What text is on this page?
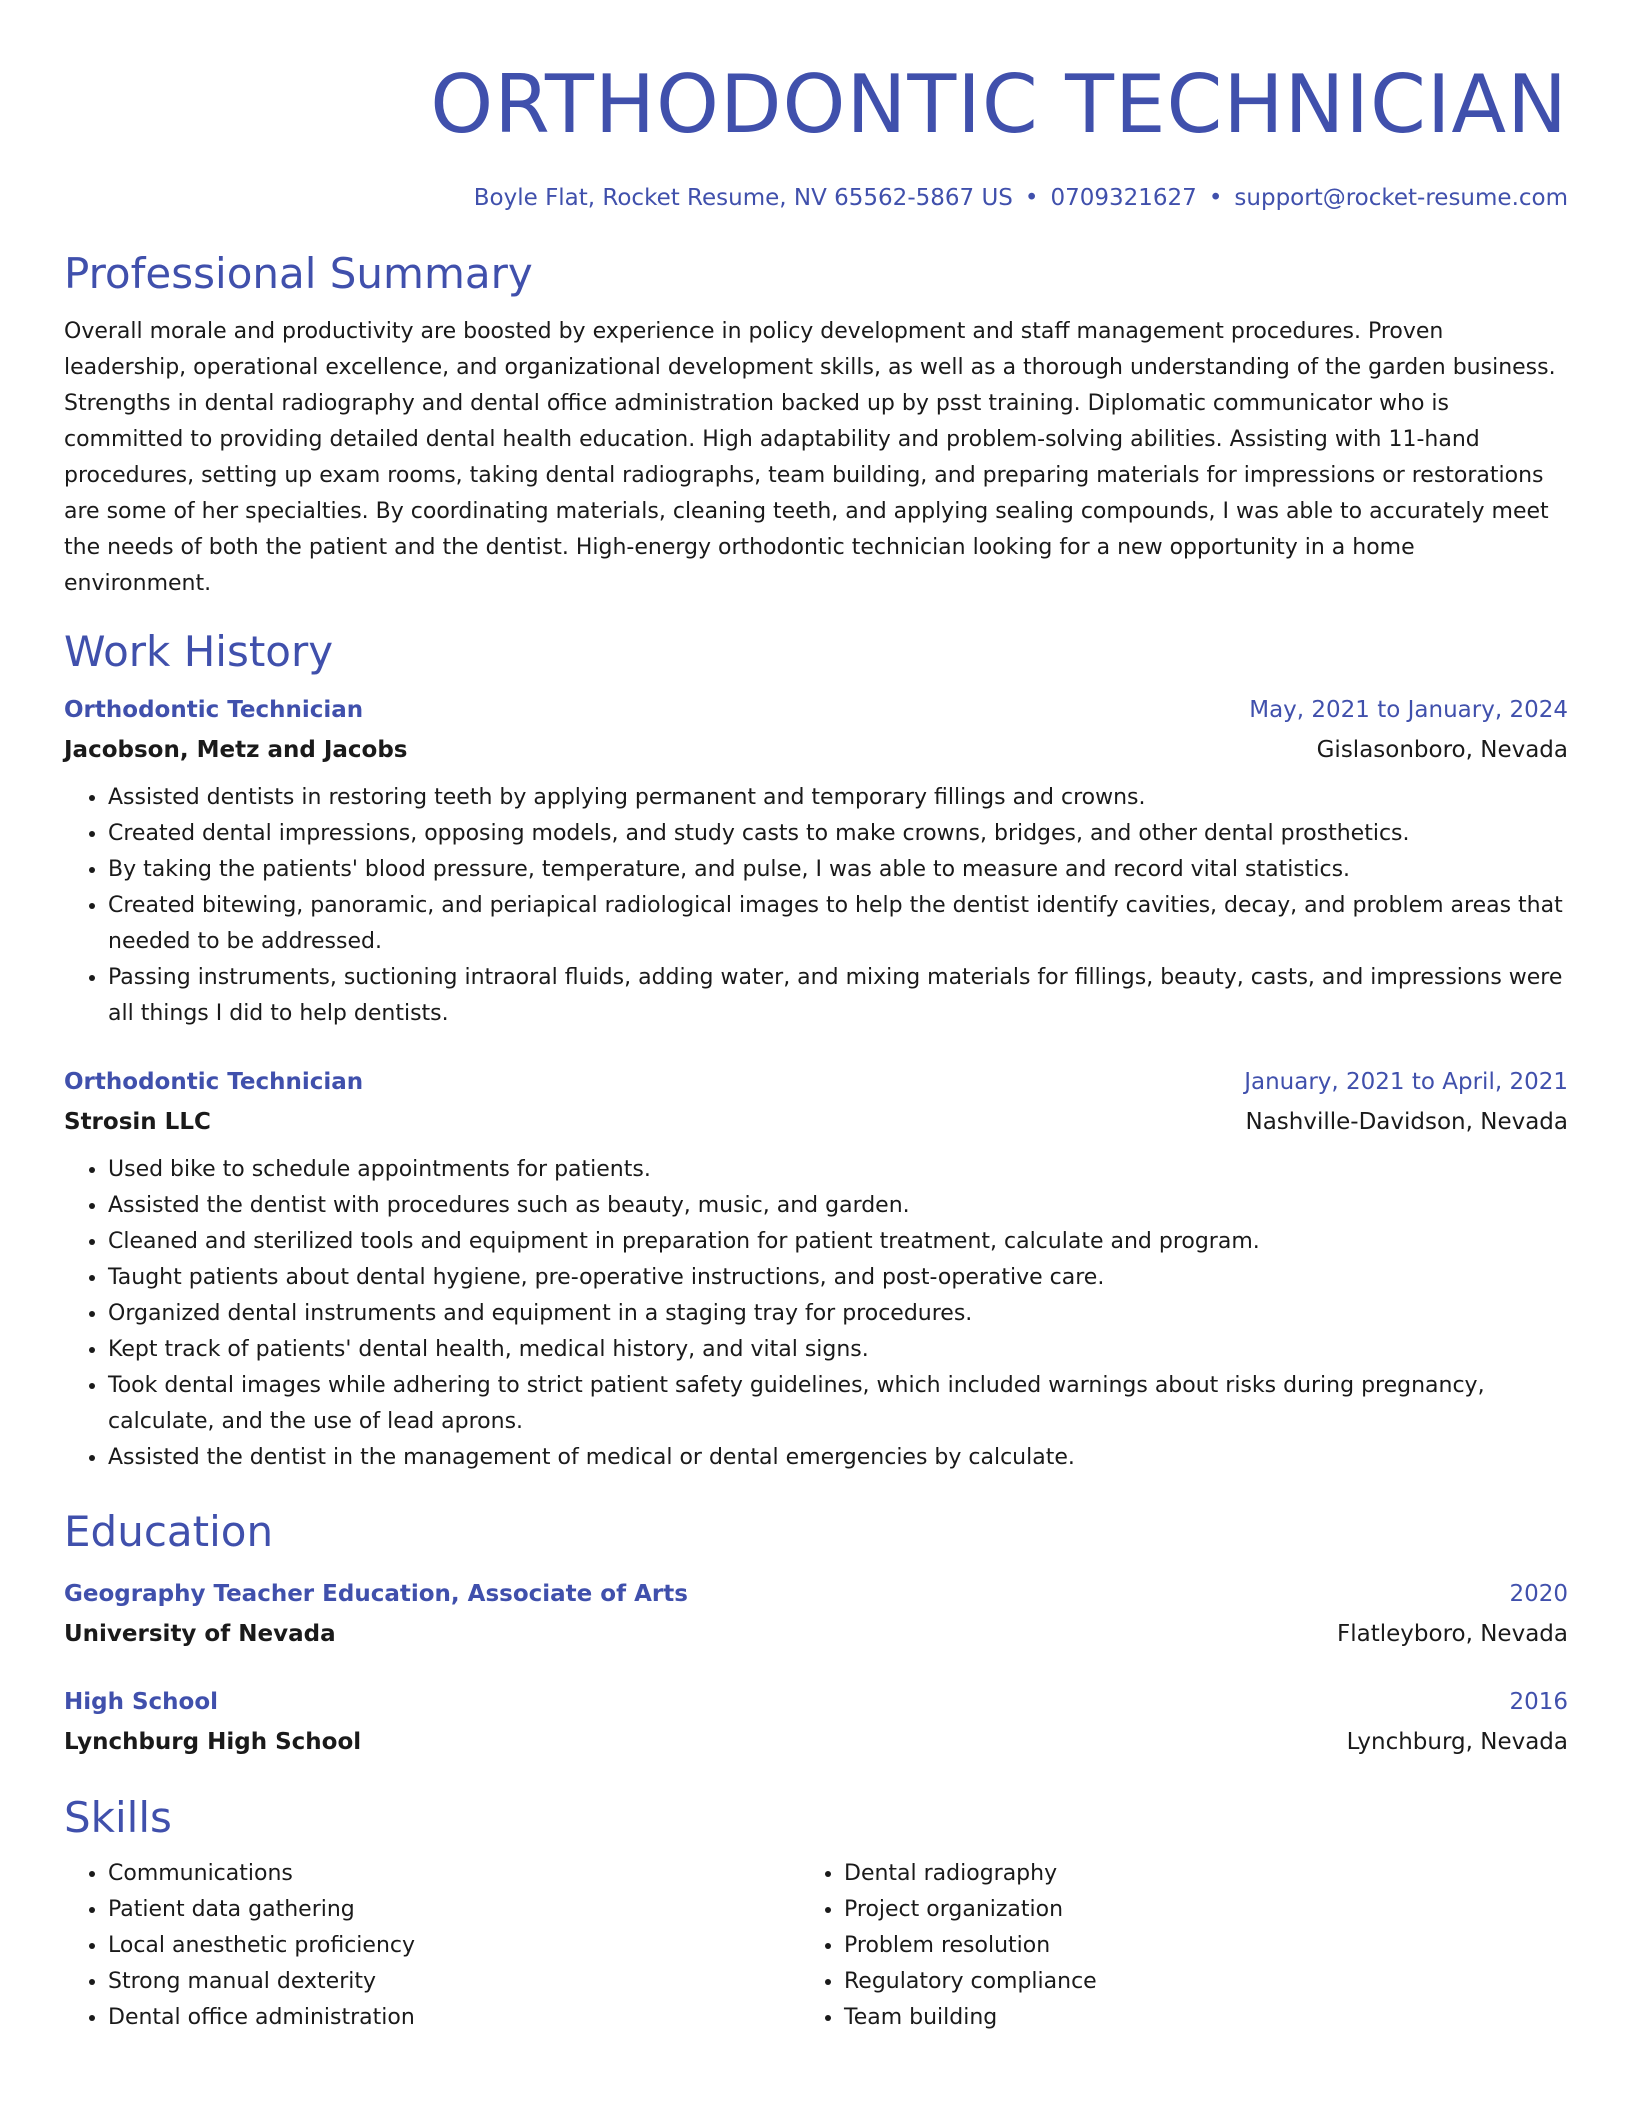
ORTHODONTIC TECHNICIAN
Boyle Flat, Rocket Resume, NV 65562-5867 US • 0709321627 • support@rocket-resume.com
Professional Summary

Overall morale and productivity are boosted by experience in policy development and staff management procedures. Proven leadership, operational excellence, and organizational development skills, as well as a thorough understanding of the garden business. Strengths in dental radiography and dental office administration backed up by psst training. Diplomatic communicator who is committed to providing detailed dental health education. High adaptability and problem-solving abilities. Assisting with 11-hand procedures, setting up exam rooms, taking dental radiographs, team building, and preparing materials for impressions or restorations are some of her specialties. By coordinating materials, cleaning teeth, and applying sealing compounds, I was able to accurately meet the needs of both the patient and the dentist. High-energy orthodontic technician looking for a new opportunity in a home environment.

Work History
Orthodontic Technician	May, 2021 to January, 2024
Jacobson, Metz and Jacobs	Gislasonboro, Nevada
• Assisted dentists in restoring teeth by applying permanent and temporary fillings and crowns.
• Created dental impressions, opposing models, and study casts to make crowns, bridges, and other dental prosthetics.
• By taking the patients' blood pressure, temperature, and pulse, I was able to measure and record vital statistics.
• Created bitewing, panoramic, and periapical radiological images to help the dentist identify cavities, decay, and problem areas that needed to be addressed.
• Passing instruments, suctioning intraoral fluids, adding water, and mixing materials for fillings, beauty, casts, and impressions were all things I did to help dentists.
Orthodontic Technician	January, 2021 to April, 2021
Strosin LLC	Nashville-Davidson, Nevada
• Used bike to schedule appointments for patients.
• Assisted the dentist with procedures such as beauty, music, and garden.
• Cleaned and sterilized tools and equipment in preparation for patient treatment, calculate and program.
• Taught patients about dental hygiene, pre-operative instructions, and post-operative care.
• Organized dental instruments and equipment in a staging tray for procedures.
• Kept track of patients' dental health, medical history, and vital signs.
• Took dental images while adhering to strict patient safety guidelines, which included warnings about risks during pregnancy, calculate, and the use of lead aprons.
• Assisted the dentist in the management of medical or dental emergencies by calculate.
Education
Geography Teacher Education, Associate of Arts	2020
University of Nevada	Flatleyboro, Nevada
High School	2016
Lynchburg High School	Lynchburg, Nevada
Skills
• Communications
• Patient data gathering
• Local anesthetic proficiency
• Strong manual dexterity
• Dental office administration
• Dental radiography
• Project organization
• Problem resolution
• Regulatory compliance
• Team building
